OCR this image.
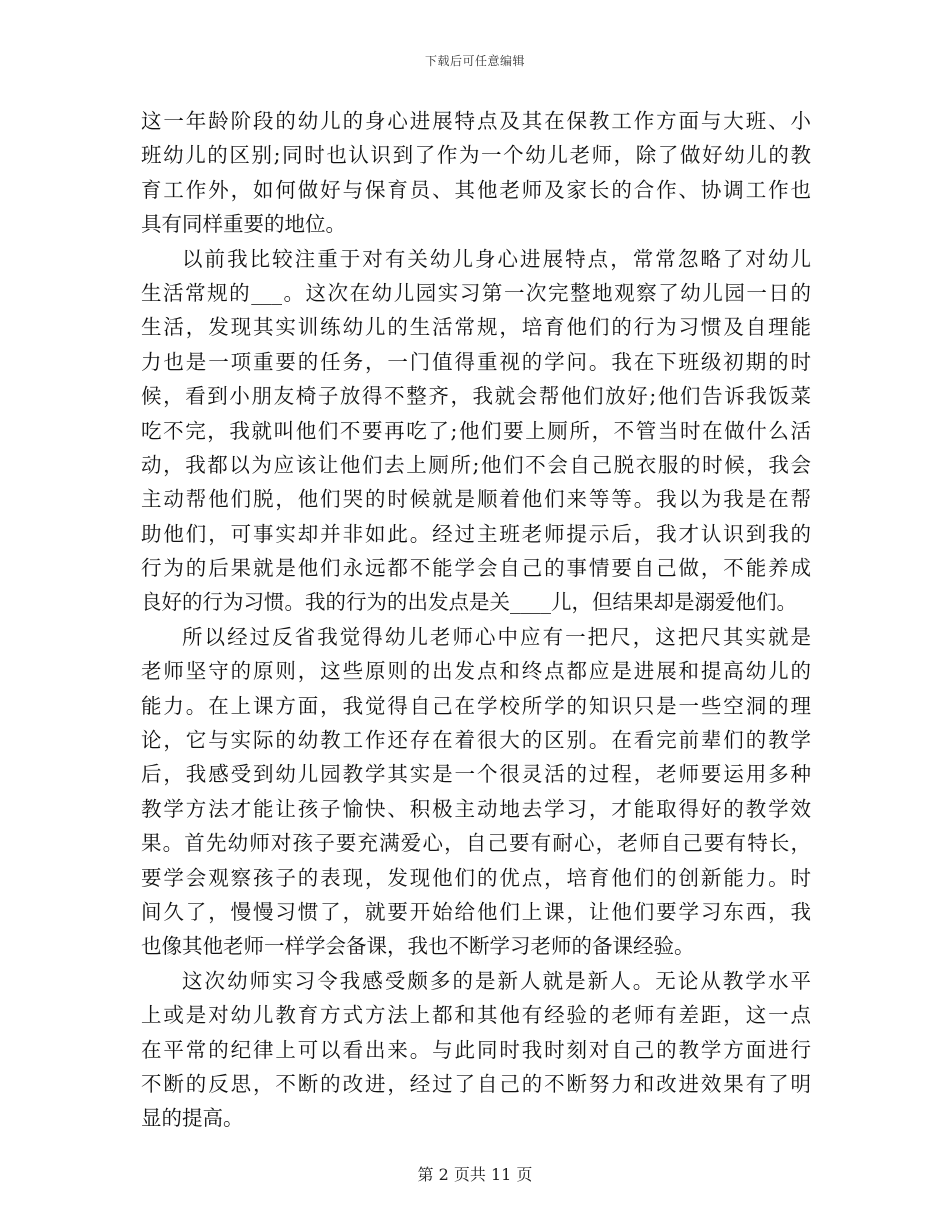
下载后可任意编辑
这一年龄阶段的幼儿的身心进展特点及其在保教工作方面与大班、小
班幼儿的区别;同时也认识到了作为一个幼儿老师，除了做好幼儿的教
育工作外，如何做好与保育员、其他老师及家长的合作、协调工作也
具有同样重要的地位。
以前我比较注重于对有关幼儿身心进展特点，常常忽略了对幼儿
生活常规的___。这次在幼儿园实习第一次完整地观察了幼儿园一日的
生活，发现其实训练幼儿的生活常规，培育他们的行为习惯及自理能
力也是一项重要的任务，一门值得重视的学问。我在下班级初期的时
候，看到小朋友椅子放得不整齐，我就会帮他们放好;他们告诉我饭菜
吃不完，我就叫他们不要再吃了;他们要上厕所，不管当时在做什么活
动，我都以为应该让他们去上厕所;他们不会自己脱衣服的时候，我会
主动帮他们脱，他们哭的时候就是顺着他们来等等。我以为我是在帮
助他们，可事实却并非如此。经过主班老师提示后，我才认识到我的
行为的后果就是他们永远都不能学会自己的事情要自己做，不能养成
良好的行为习惯。我的行为的出发点是关____儿，但结果却是溺爱他们。
所以经过反省我觉得幼儿老师心中应有一把尺，这把尺其实就是
老师坚守的原则，这些原则的出发点和终点都应是进展和提高幼儿的
能力。在上课方面，我觉得自己在学校所学的知识只是一些空洞的理
论，它与实际的幼教工作还存在着很大的区别。在看完前辈们的教学
后，我感受到幼儿园教学其实是一个很灵活的过程，老师要运用多种
教学方法才能让孩子愉快、积极主动地去学习，才能取得好的教学效
果。首先幼师对孩子要充满爱心，自己要有耐心，老师自己要有特长，
要学会观察孩子的表现，发现他们的优点，培育他们的创新能力。时
间久了，慢慢习惯了，就要开始给他们上课，让他们要学习东西，我
也像其他老师一样学会备课，我也不断学习老师的备课经验。
这次幼师实习令我感受颇多的是新人就是新人。无论从教学水平
上或是对幼儿教育方式方法上都和其他有经验的老师有差距，这一点
在平常的纪律上可以看出来。与此同时我时刻对自己的教学方面进行
不断的反思，不断的改进，经过了自己的不断努力和改进效果有了明
显的提高。
第 2 页共 11 页
